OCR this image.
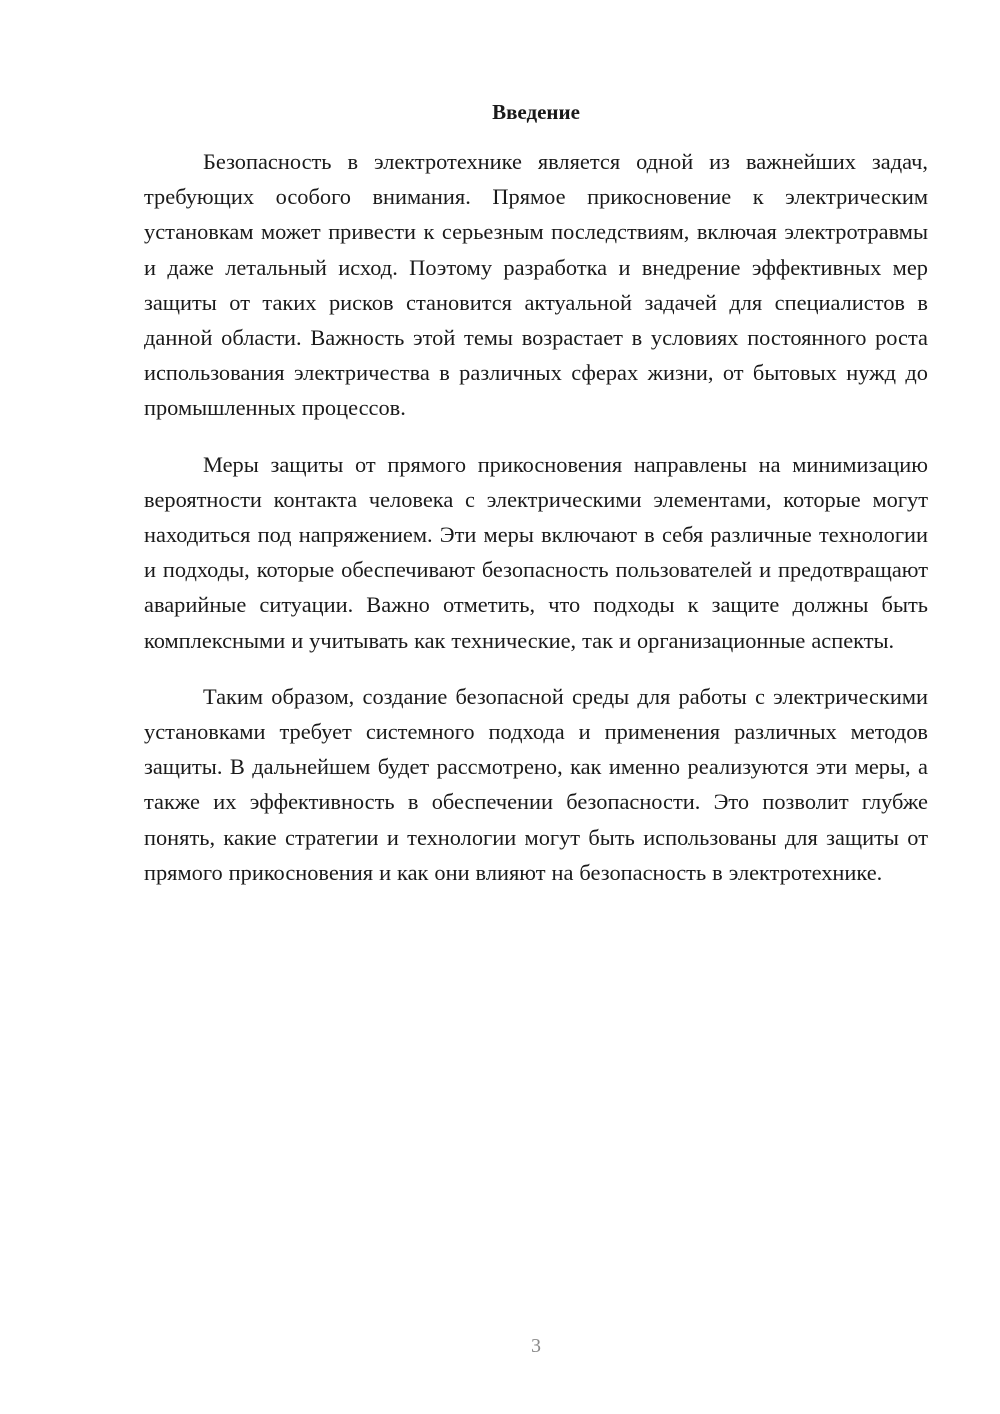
Введение

Безопасность в электротехнике является одной из важнейших задач, требующих особого внимания. Прямое прикосновение к электрическим установкам может привести к серьезным последствиям, включая электротравмы и даже летальный исход. Поэтому разработка и внедрение эффективных мер защиты от таких рисков становится актуальной задачей для специалистов в данной области. Важность этой темы возрастает в условиях постоянного роста использования электричества в различных сферах жизни, от бытовых нужд до промышленных процессов.

Меры защиты от прямого прикосновения направлены на минимизацию вероятности контакта человека с электрическими элементами, которые могут находиться под напряжением. Эти меры включают в себя различные технологии и подходы, которые обеспечивают безопасность пользователей и предотвращают аварийные ситуации. Важно отметить, что подходы к защите должны быть комплексными и учитывать как технические, так и организационные аспекты.

Таким образом, создание безопасной среды для работы с электрическими установками требует системного подхода и применения различных методов защиты. В дальнейшем будет рассмотрено, как именно реализуются эти меры, а также их эффективность в обеспечении безопасности. Это позволит глубже понять, какие стратегии и технологии могут быть использованы для защиты от прямого прикосновения и как они влияют на безопасность в электротехнике.

3
